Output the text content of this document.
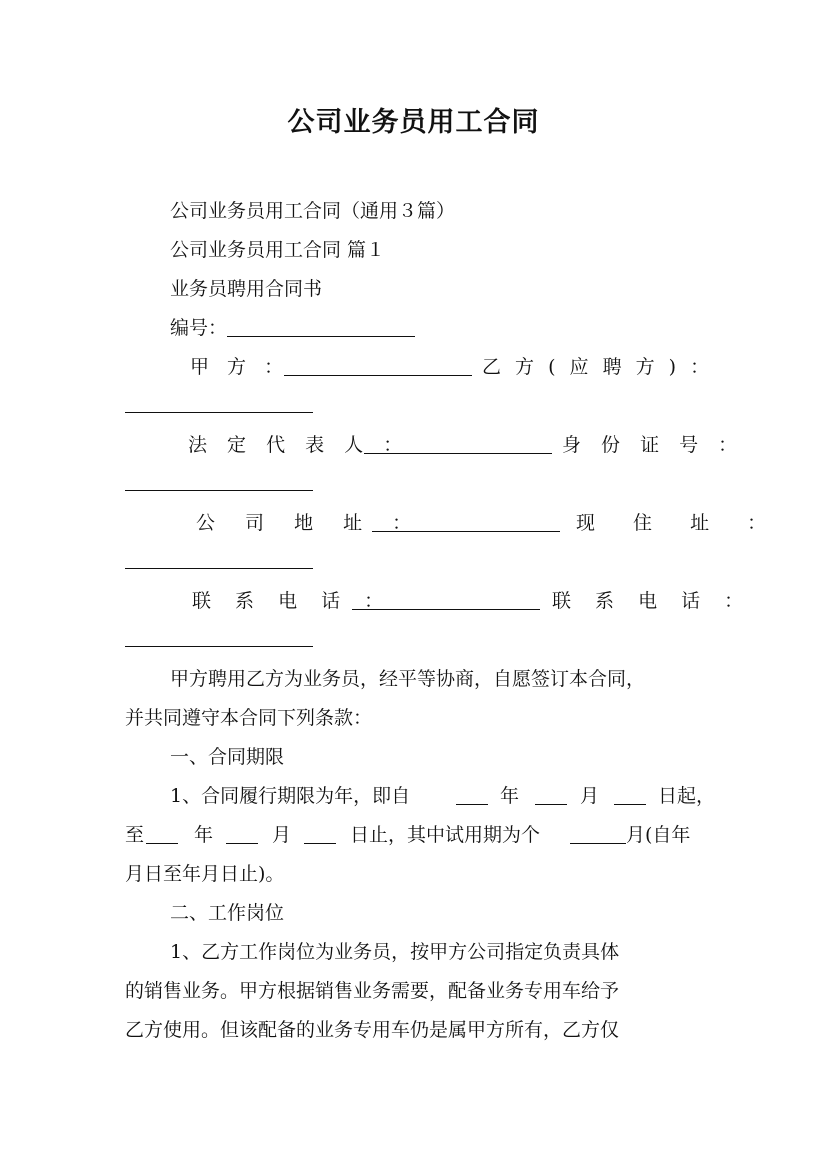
公司业务员用工合同
公司业务员用工合同（通用３篇）
公司业务员用工合同 篇１
业务员聘用合同书
编号：
甲 方 ：	乙 方 ( 应 聘 方 ) ：
法 定 代 表 人 ：	身 份 证 号 ：
公 司 地 址 ：	现 住 址 ：
联 系 电 话 ：	联 系 电 话 ：
甲方聘用乙方为业务员，经平等协商，自愿签订本合同，
并共同遵守本合同下列条款：
一、合同期限
1、合同履行期限为年，即自	年	月	日起，
至	年	月	日止，其中试用期为个	月(自年
月日至年月日止)。
二、工作岗位
1、乙方工作岗位为业务员，按甲方公司指定负责具体
的销售业务。甲方根据销售业务需要，配备业务专用车给予
乙方使用。但该配备的业务专用车仍是属甲方所有，乙方仅
